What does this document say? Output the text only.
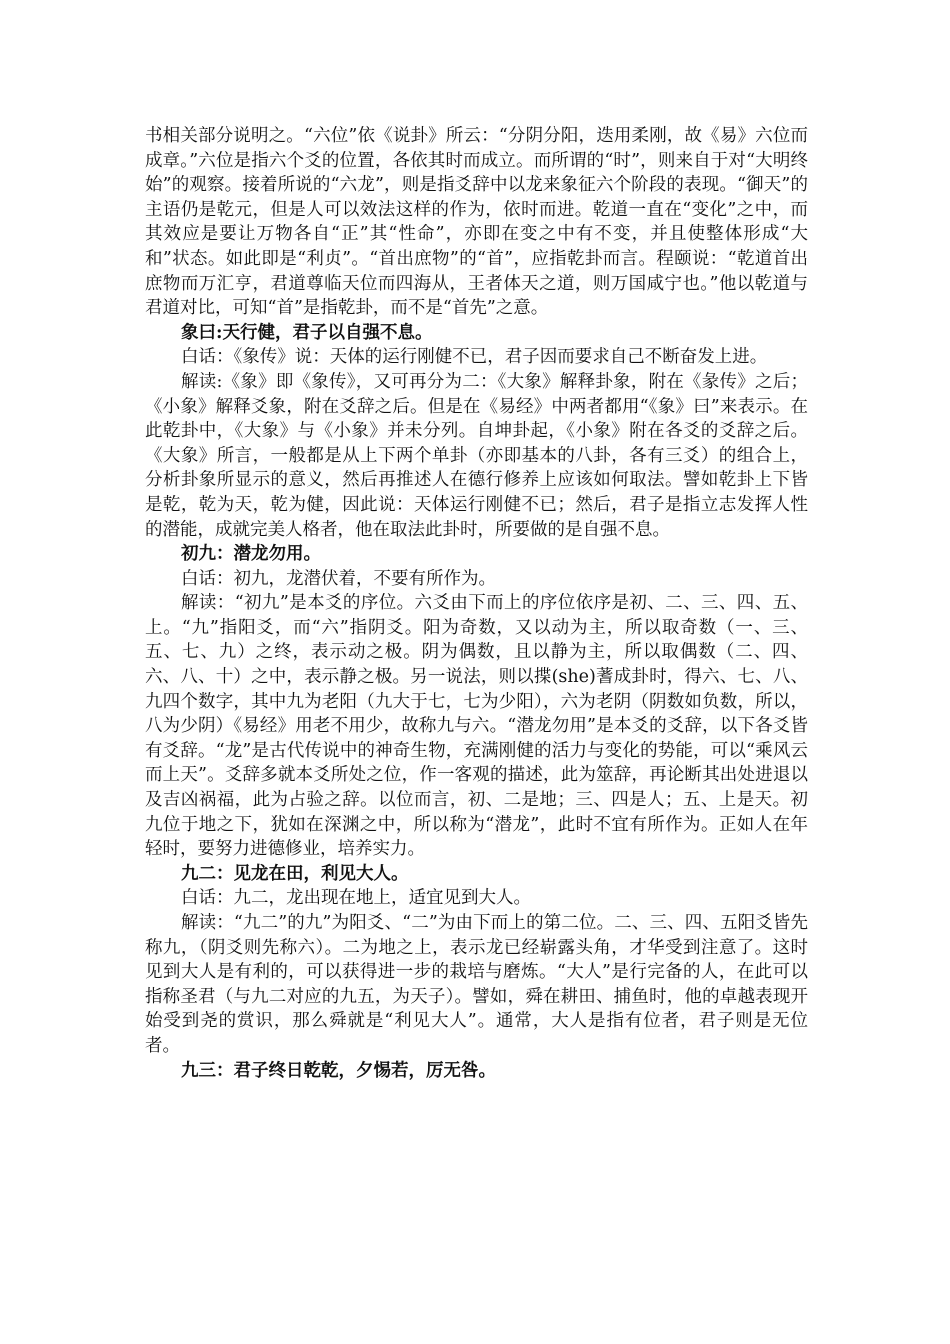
书相关部分说明之。“六位”依《说卦》所云：“分阴分阳，迭用柔刚，故《易》六位而成章。”六位是指六个爻的位置，各依其时而成立。而所谓的“时”，则来自于对“大明终始”的观察。接着所说的“六龙”，则是指爻辞中以龙来象征六个阶段的表现。“御天”的主语仍是乾元，但是人可以效法这样的作为，依时而进。乾道一直在“变化”之中，而其效应是要让万物各自“正”其“性命”，亦即在变之中有不变，并且使整体形成“大和”状态。如此即是“利贞”。“首出庶物”的“首”，应指乾卦而言。程颐说：“乾道首出庶物而万汇亨，君道尊临天位而四海从，王者体天之道，则万国咸宁也。”他以乾道与君道对比，可知“首”是指乾卦，而不是“首先”之意。

象曰:天行健，君子以自强不息。

白话：《象传》说：天体的运行刚健不已，君子因而要求自己不断奋发上进。

解读:《象》即《象传》，又可再分为二：《大象》解释卦象，附在《彖传》之后；《小象》解释爻象，附在爻辞之后。但是在《易经》中两者都用“《象》曰”来表示。在此乾卦中，《大象》与《小象》并未分列。自坤卦起，《小象》附在各爻的爻辞之后。《大象》所言，一般都是从上下两个单卦（亦即基本的八卦，各有三爻）的组合上，分析卦象所显示的意义，然后再推述人在德行修养上应该如何取法。譬如乾卦上下皆是乾，乾为天，乾为健，因此说：天体运行刚健不已；然后，君子是指立志发挥人性的潜能，成就完美人格者，他在取法此卦时，所要做的是自强不息。

初九：潜龙勿用。

白话：初九，龙潜伏着，不要有所作为。

解读：“初九”是本爻的序位。六爻由下而上的序位依序是初、二、三、四、五、上。“九”指阳爻，而“六”指阴爻。阳为奇数，又以动为主，所以取奇数（一、三、五、七、九）之终，表示动之极。阴为偶数，且以静为主，所以取偶数（二、四、六、八、十）之中，表示静之极。另一说法，则以揲(she)蓍成卦时，得六、七、八、九四个数字，其中九为老阳（九大于七，七为少阳），六为老阴（阴数如负数，所以，八为少阴）《易经》用老不用少，故称九与六。“潜龙勿用”是本爻的爻辞，以下各爻皆有爻辞。“龙”是古代传说中的神奇生物，充满刚健的活力与变化的势能，可以“乘风云而上天”。爻辞多就本爻所处之位，作一客观的描述，此为筮辞，再论断其出处进退以及吉凶祸福，此为占验之辞。以位而言，初、二是地；三、四是人；五、上是天。初九位于地之下，犹如在深渊之中，所以称为“潜龙”，此时不宜有所作为。正如人在年轻时，要努力进德修业，培养实力。

九二：见龙在田，利见大人。

白话：九二，龙出现在地上，适宜见到大人。

解读：“九二”的九”为阳爻、“二”为由下而上的第二位。二、三、四、五阳爻皆先称九，（阴爻则先称六）。二为地之上，表示龙已经崭露头角，才华受到注意了。这时见到大人是有利的，可以获得进一步的栽培与磨炼。“大人”是行完备的人，在此可以指称圣君（与九二对应的九五，为天子）。譬如，舜在耕田、捕鱼时，他的卓越表现开始受到尧的赏识，那么舜就是“利见大人”。通常，大人是指有位者，君子则是无位者。

九三：君子终日乾乾，夕惕若，厉无咎。
